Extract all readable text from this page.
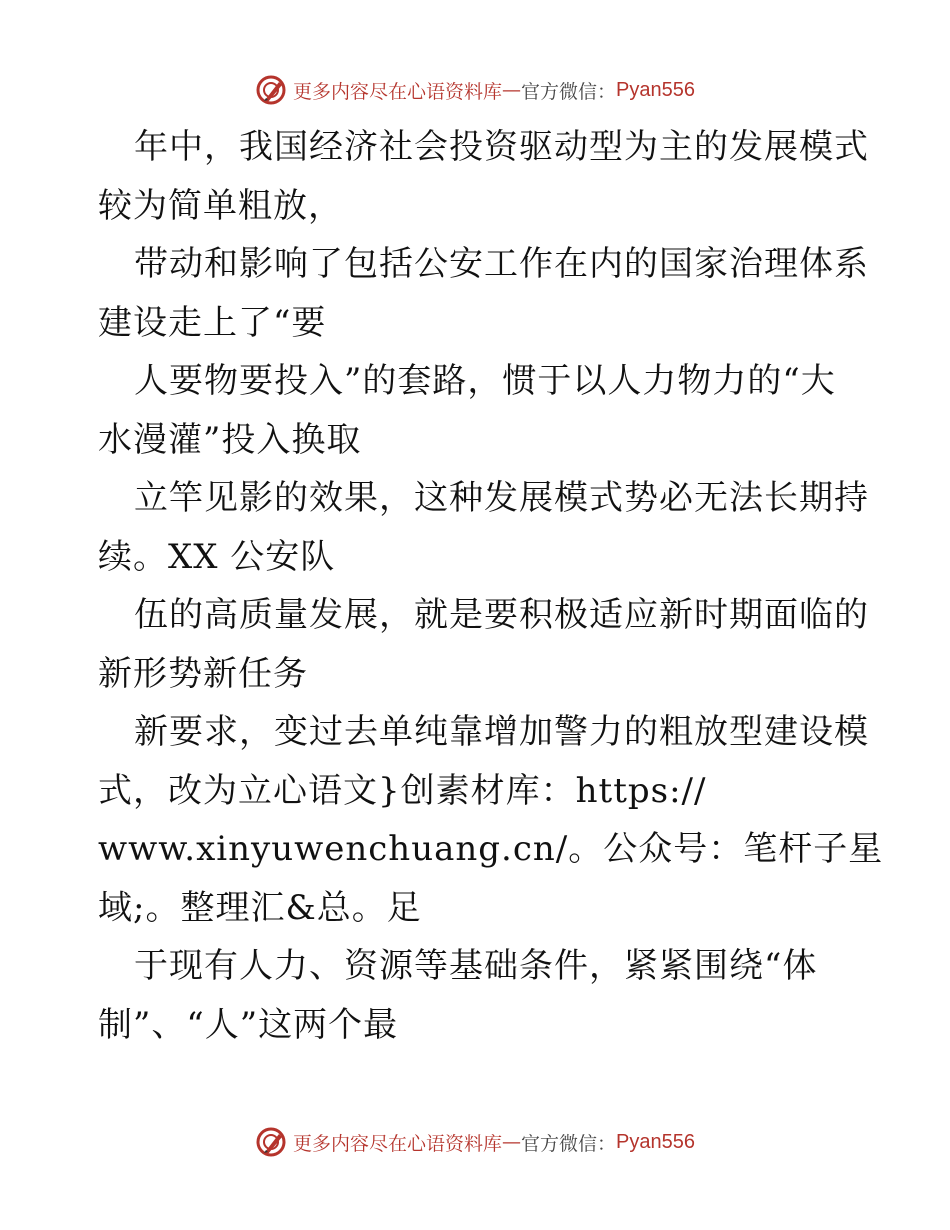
更多内容尽在心语资料库 — 官方微信： Pyan556
年中，我国经济社会投资驱动型为主的发展模式
较为简单粗放，
带动和影响了包括公安工作在内的国家治理体系
建设走上了“要
人要物要投入”的套路，惯于以人力物力的“大
水漫灌”投入换取
立竿见影的效果，这种发展模式势必无法长期持
续。XX 公安队
伍的高质量发展，就是要积极适应新时期面临的
新形势新任务
新要求，变过去单纯靠增加警力的粗放型建设模
式，改为立心语文}创素材库：https://
www.xinyuwenchuang.cn/。公众号：笔杆子星
域;。整理汇&总。足
于现有人力、资源等基础条件，紧紧围绕“体
制”、“人”这两个最
更多内容尽在心语资料库 — 官方微信： Pyan556
